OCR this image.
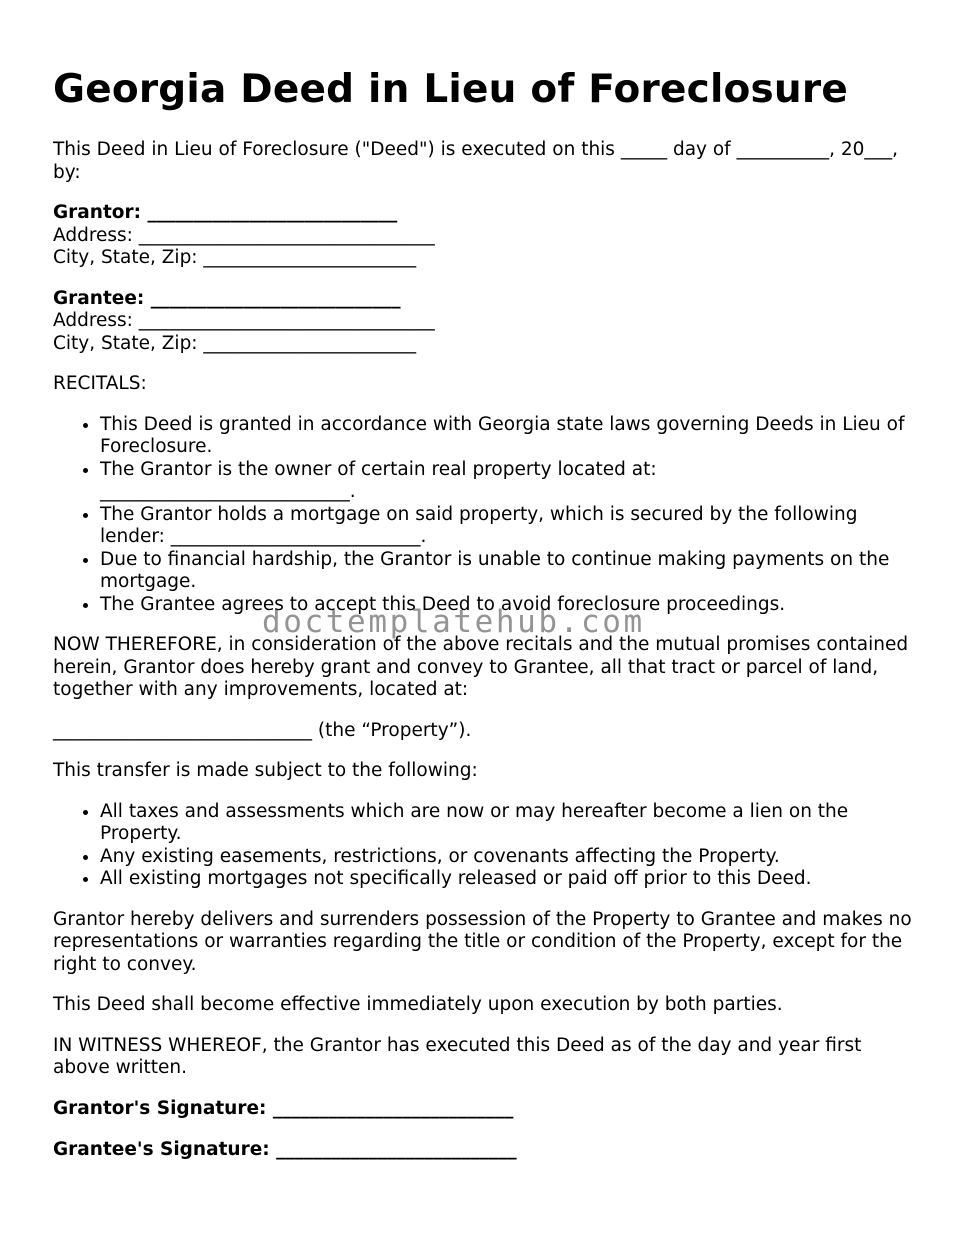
Georgia Deed in Lieu of Foreclosure

This Deed in Lieu of Foreclosure ("Deed") is executed on this _____ day of __________, 20___, by:

Grantor: ___________________________
Address: ________________________________
City, State, Zip: _______________________
Grantee: ___________________________
Address: ________________________________
City, State, Zip: _______________________

RECITALS:

• This Deed is granted in accordance with Georgia state laws governing Deeds in Lieu of Foreclosure.
• The Grantor is the owner of certain real property located at: ___________________________.
• The Grantor holds a mortgage on said property, which is secured by the following lender: ___________________________.
• Due to financial hardship, the Grantor is unable to continue making payments on the mortgage.
• The Grantee agrees to accept this Deed to avoid foreclosure proceedings.

NOW THEREFORE, in consideration of the above recitals and the mutual promises contained herein, Grantor does hereby grant and convey to Grantee, all that tract or parcel of land, together with any improvements, located at:

____________________________ (the “Property”).

This transfer is made subject to the following:

• All taxes and assessments which are now or may hereafter become a lien on the Property.
• Any existing easements, restrictions, or covenants affecting the Property.
• All existing mortgages not specifically released or paid off prior to this Deed.

Grantor hereby delivers and surrenders possession of the Property to Grantee and makes no representations or warranties regarding the title or condition of the Property, except for the right to convey.

This Deed shall become effective immediately upon execution by both parties.

IN WITNESS WHEREOF, the Grantor has executed this Deed as of the day and year first above written.

Grantor's Signature: __________________________
Grantee's Signature: __________________________
doctemplatehub.com
